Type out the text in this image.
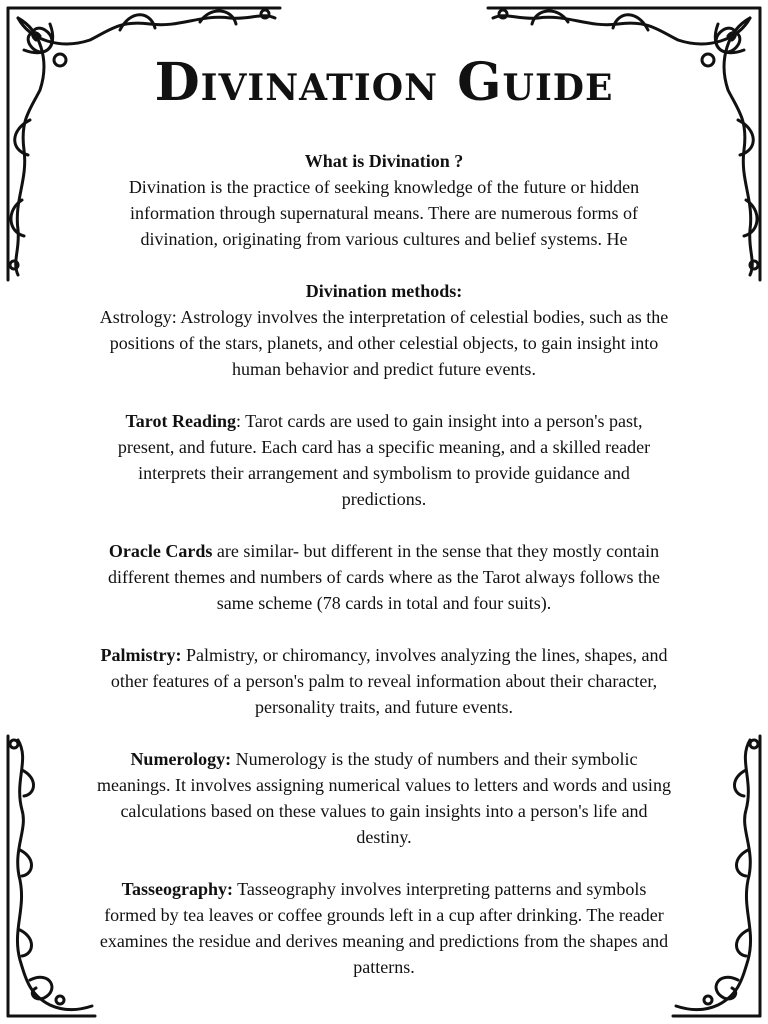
Divination Guide

What is Divination ?

Divination is the practice of seeking knowledge of the future or hidden information through supernatural means. There are numerous forms of divination, originating from various cultures and belief systems. He

Divination methods:

Astrology: Astrology involves the interpretation of celestial bodies, such as the positions of the stars, planets, and other celestial objects, to gain insight into human behavior and predict future events.

Tarot Reading: Tarot cards are used to gain insight into a person's past, present, and future. Each card has a specific meaning, and a skilled reader interprets their arrangement and symbolism to provide guidance and predictions.

Oracle Cards are similar- but different in the sense that they mostly contain different themes and numbers of cards where as the Tarot always follows the same scheme (78 cards in total and four suits).

Palmistry: Palmistry, or chiromancy, involves analyzing the lines, shapes, and other features of a person's palm to reveal information about their character, personality traits, and future events.

Numerology: Numerology is the study of numbers and their symbolic meanings. It involves assigning numerical values to letters and words and using calculations based on these values to gain insights into a person's life and destiny.

Tasseography: Tasseography involves interpreting patterns and symbols formed by tea leaves or coffee grounds left in a cup after drinking. The reader examines the residue and derives meaning and predictions from the shapes and patterns.
